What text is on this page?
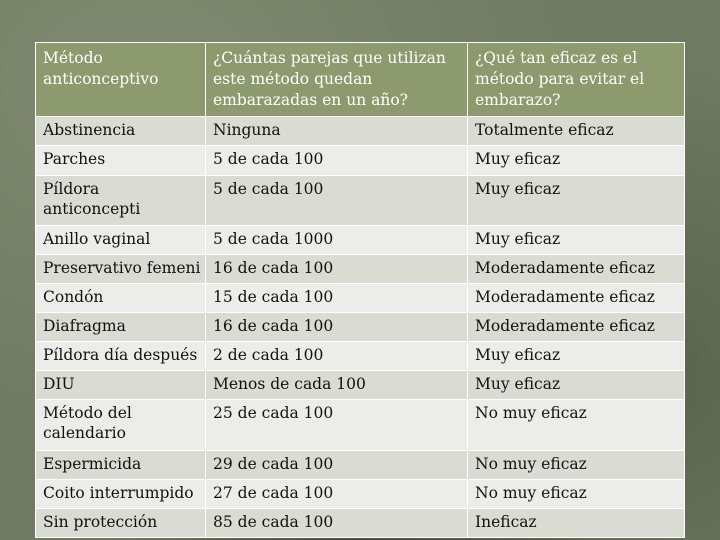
Método anticonceptivo	¿Cuántas parejas que utilizan este método quedan embarazadas en un año?	¿Qué tan eficaz es el método para evitar el embarazo?
Abstinencia	Ninguna	Totalmente eficaz
Parches	5 de cada 100	Muy eficaz
Píldora anticoncepti	5 de cada 100	Muy eficaz
Anillo vaginal	5 de cada 1000	Muy eficaz
Preservativo femeni	16 de cada 100	Moderadamente eficaz
Condón	15 de cada 100	Moderadamente eficaz
Diafragma	16 de cada 100	Moderadamente eficaz
Píldora día después	2 de cada 100	Muy eficaz
DIU	Menos de cada 100	Muy eficaz
Método del calendario	25 de cada 100	No muy eficaz
Espermicida	29 de cada 100	No muy eficaz
Coito interrumpido	27 de cada 100	No muy eficaz
Sin protección	85 de cada 100	Ineficaz
